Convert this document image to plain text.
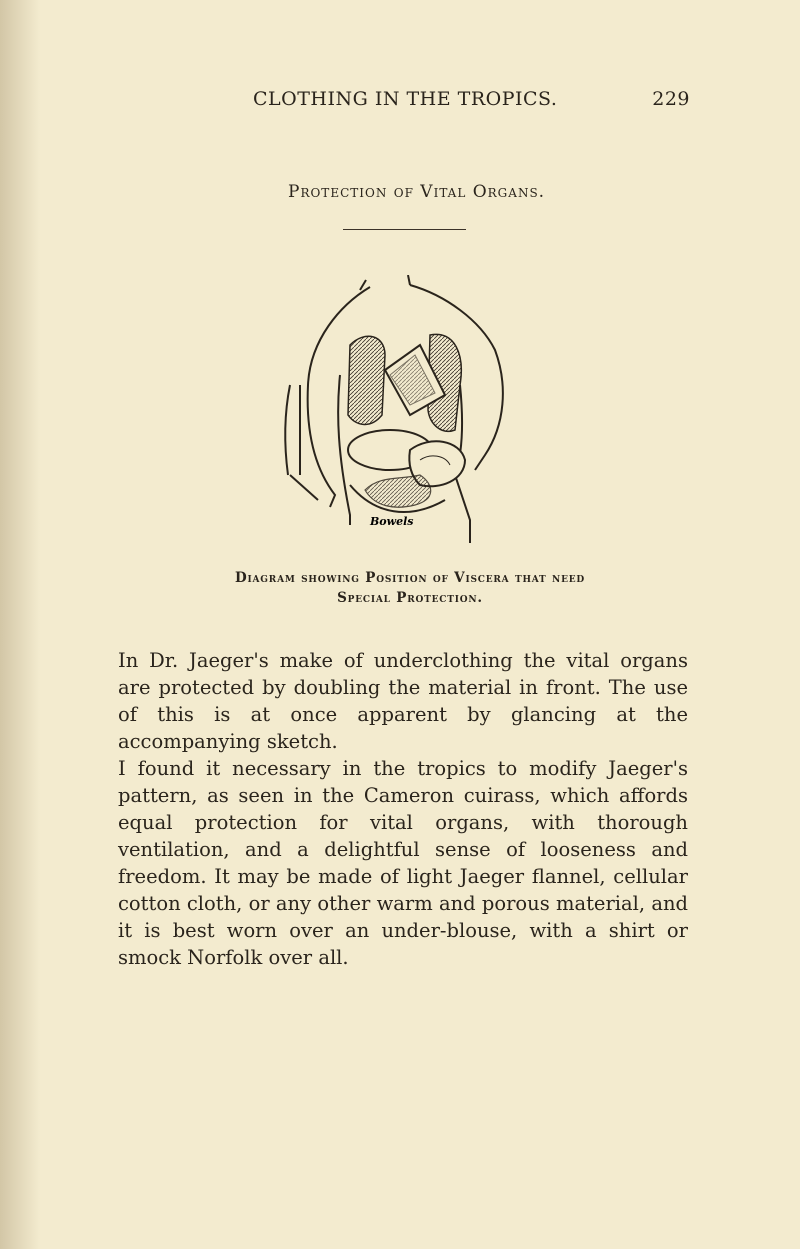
CLOTHING IN THE TROPICS.	229
Protection of Vital Organs.
Bowels
Diagram showing Position of Viscera that need
Special Protection.

In Dr. Jaeger's make of underclothing the vital organs are protected by doubling the material in front. The use of this is at once apparent by glancing at the accompanying sketch.

I found it necessary in the tropics to modify Jaeger's pattern, as seen in the Cameron cuirass, which affords equal protection for vital organs, with thorough ventilation, and a delightful sense of looseness and freedom. It may be made of light Jaeger flannel, cellular cotton cloth, or any other warm and porous material, and it is best worn over an under-blouse, with a shirt or smock Norfolk over all.
